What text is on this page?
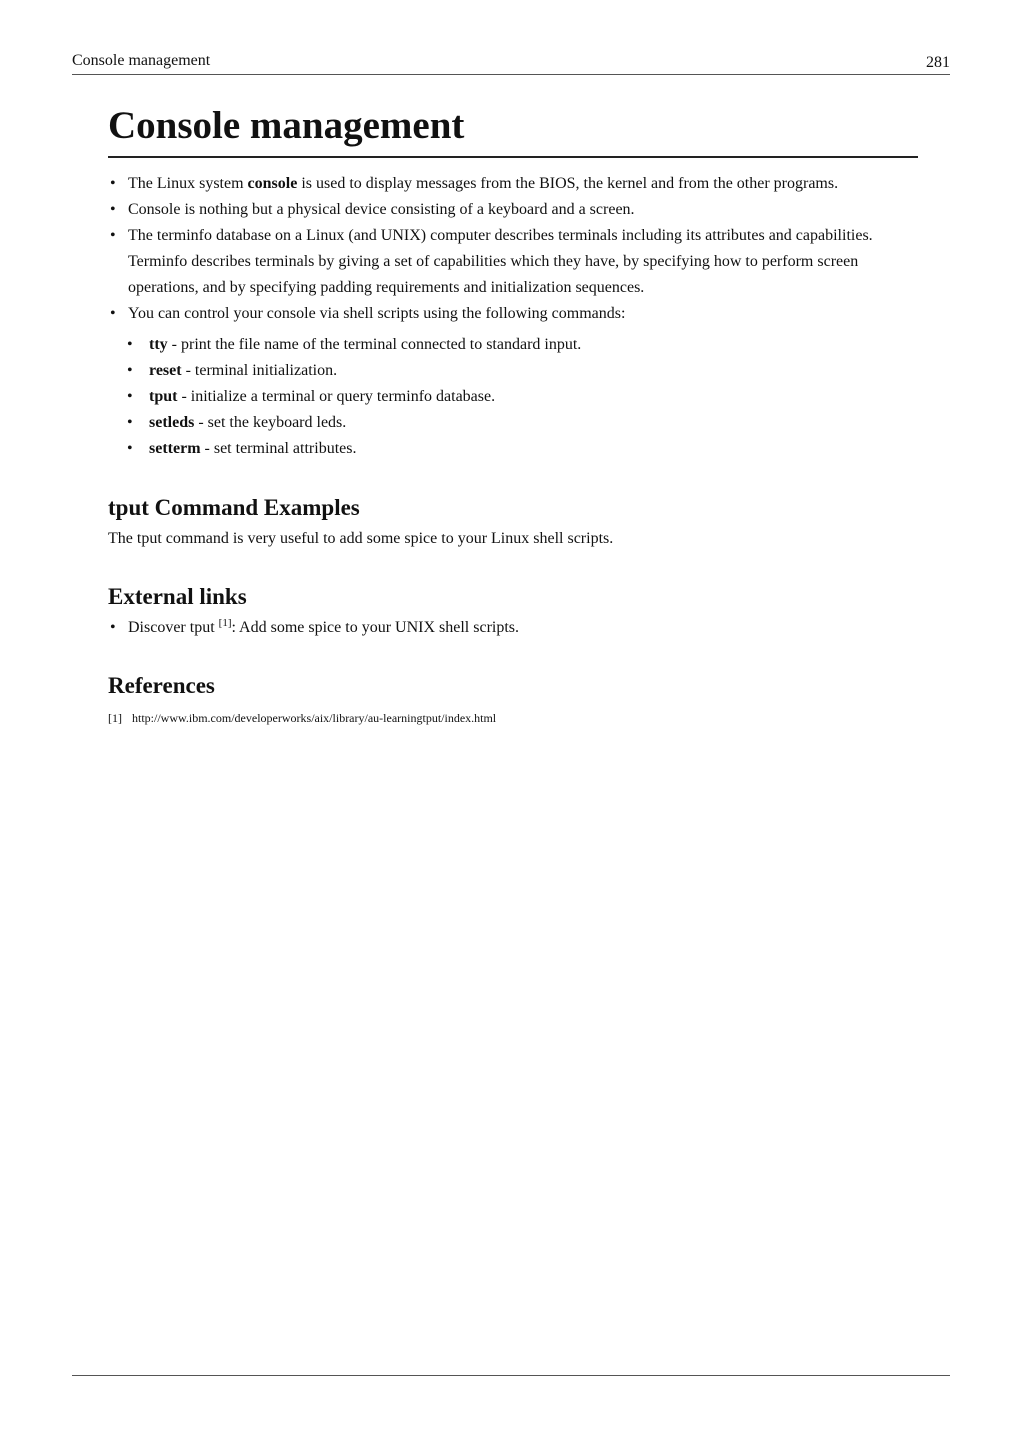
Console management	281
Console management
• The Linux system console is used to display messages from the BIOS, the kernel and from the other programs.
• Console is nothing but a physical device consisting of a keyboard and a screen.
• The terminfo database on a Linux (and UNIX) computer describes terminals including its attributes and capabilities. Terminfo describes terminals by giving a set of capabilities which they have, by specifying how to perform screen operations, and by specifying padding requirements and initialization sequences.
• You can control your console via shell scripts using the following commands:
• tty - print the file name of the terminal connected to standard input.
• reset - terminal initialization.
• tput - initialize a terminal or query terminfo database.
• setleds - set the keyboard leds.
• setterm - set terminal attributes.
tput Command Examples

The tput command is very useful to add some spice to your Linux shell scripts.

External links
• Discover tput [1]: Add some spice to your UNIX shell scripts.
References
[1] http://www.ibm.com/developerworks/aix/library/au-learningtput/index.html
